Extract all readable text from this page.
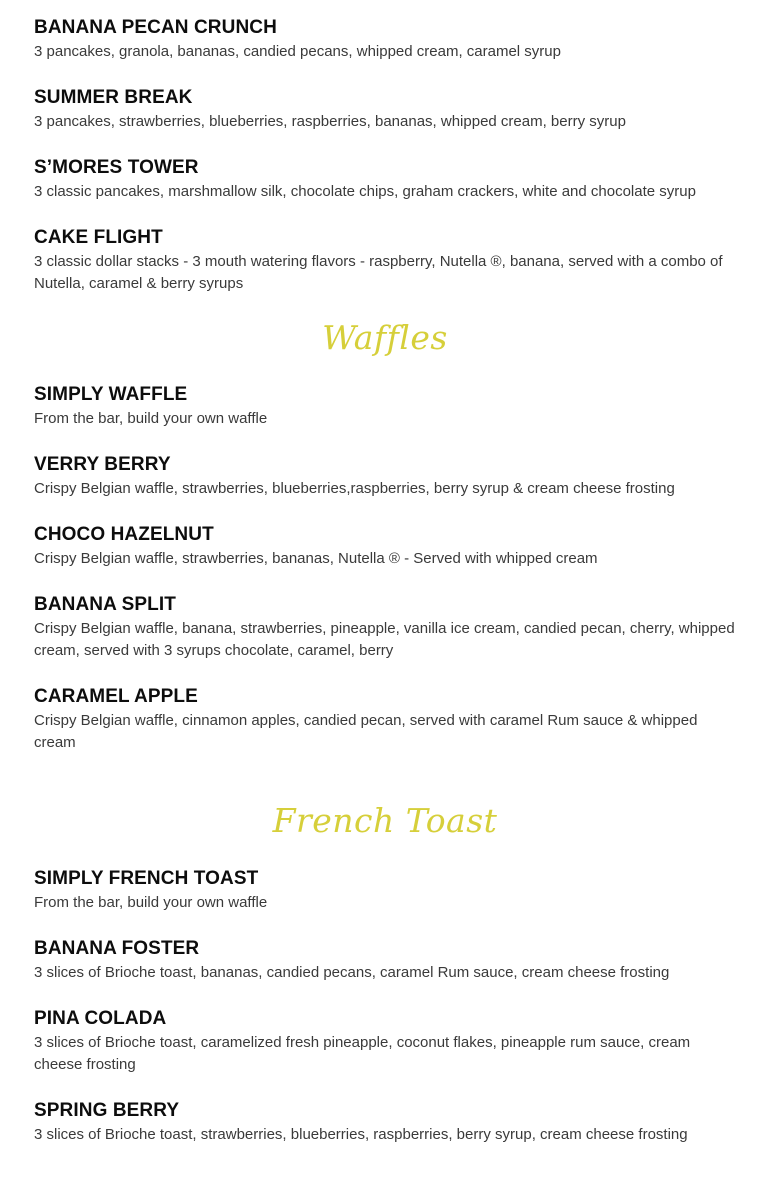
BANANA PECAN CRUNCH
3 pancakes, granola, bananas, candied pecans, whipped cream, caramel syrup
SUMMER BREAK
3 pancakes, strawberries, blueberries, raspberries, bananas, whipped cream, berry syrup
S’MORES TOWER
3 classic pancakes, marshmallow silk, chocolate chips, graham crackers, white and chocolate syrup
CAKE FLIGHT
3 classic dollar stacks - 3 mouth watering flavors - raspberry, Nutella ®, banana, served with a combo of Nutella, caramel & berry syrups
Waffles
SIMPLY WAFFLE
From the bar, build your own waffle
VERRY BERRY
Crispy Belgian waffle, strawberries, blueberries,raspberries, berry syrup & cream cheese frosting
CHOCO HAZELNUT
Crispy Belgian waffle, strawberries, bananas, Nutella ® - Served with whipped cream
BANANA SPLIT
Crispy Belgian waffle, banana, strawberries, pineapple, vanilla ice cream, candied pecan, cherry, whipped cream, served with 3 syrups chocolate, caramel, berry
CARAMEL APPLE
Crispy Belgian waffle, cinnamon apples, candied pecan, served with caramel Rum sauce & whipped cream
French Toast
SIMPLY FRENCH TOAST
From the bar, build your own waffle
BANANA FOSTER
3 slices of Brioche toast, bananas, candied pecans, caramel Rum sauce, cream cheese frosting
PINA COLADA
3 slices of Brioche toast, caramelized fresh pineapple, coconut flakes, pineapple rum sauce, cream cheese frosting
SPRING BERRY
3 slices of Brioche toast, strawberries, blueberries, raspberries, berry syrup, cream cheese frosting
